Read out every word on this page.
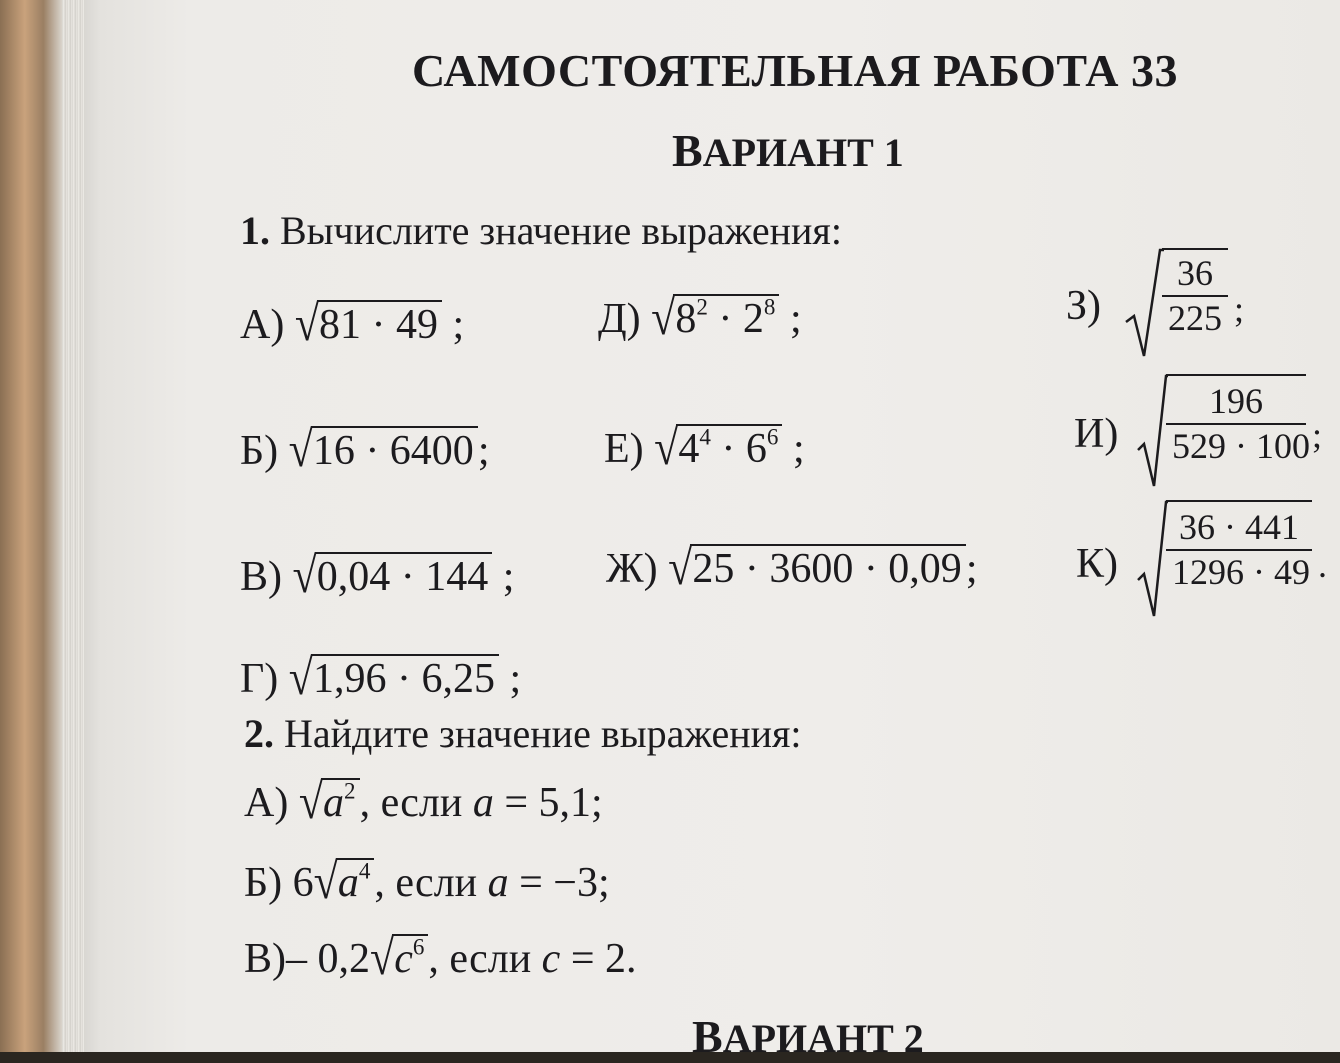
САМОСТОЯТЕЛЬНАЯ РАБОТА 33
ВАРИАНТ 1
1. Вычислите значение выражения:
А) √81 · 49 ;
Б) √16 · 6400;
В) √0,04 · 144 ;
Г) √1,96 · 6,25 ;
Д) $√8^2 \cdot 2^8$ ;
Е) $√4^4 \cdot 6^6$ ;
Ж) √25 · 3600 · 0,09;
$З) \frac{36}{225}$ ;
$И) \frac{196}{529 \cdot 100}$ ;
$К) \frac{36 \cdot 441}{1296 \cdot 49}$ .
2. Найдите значение выражения:
А) $√a^2$, если a = 5,1;
Б) $6√a^4$, если a = −3;
В)– $0,2√c^6$, если c = 2.
ВАРИАНТ 2
